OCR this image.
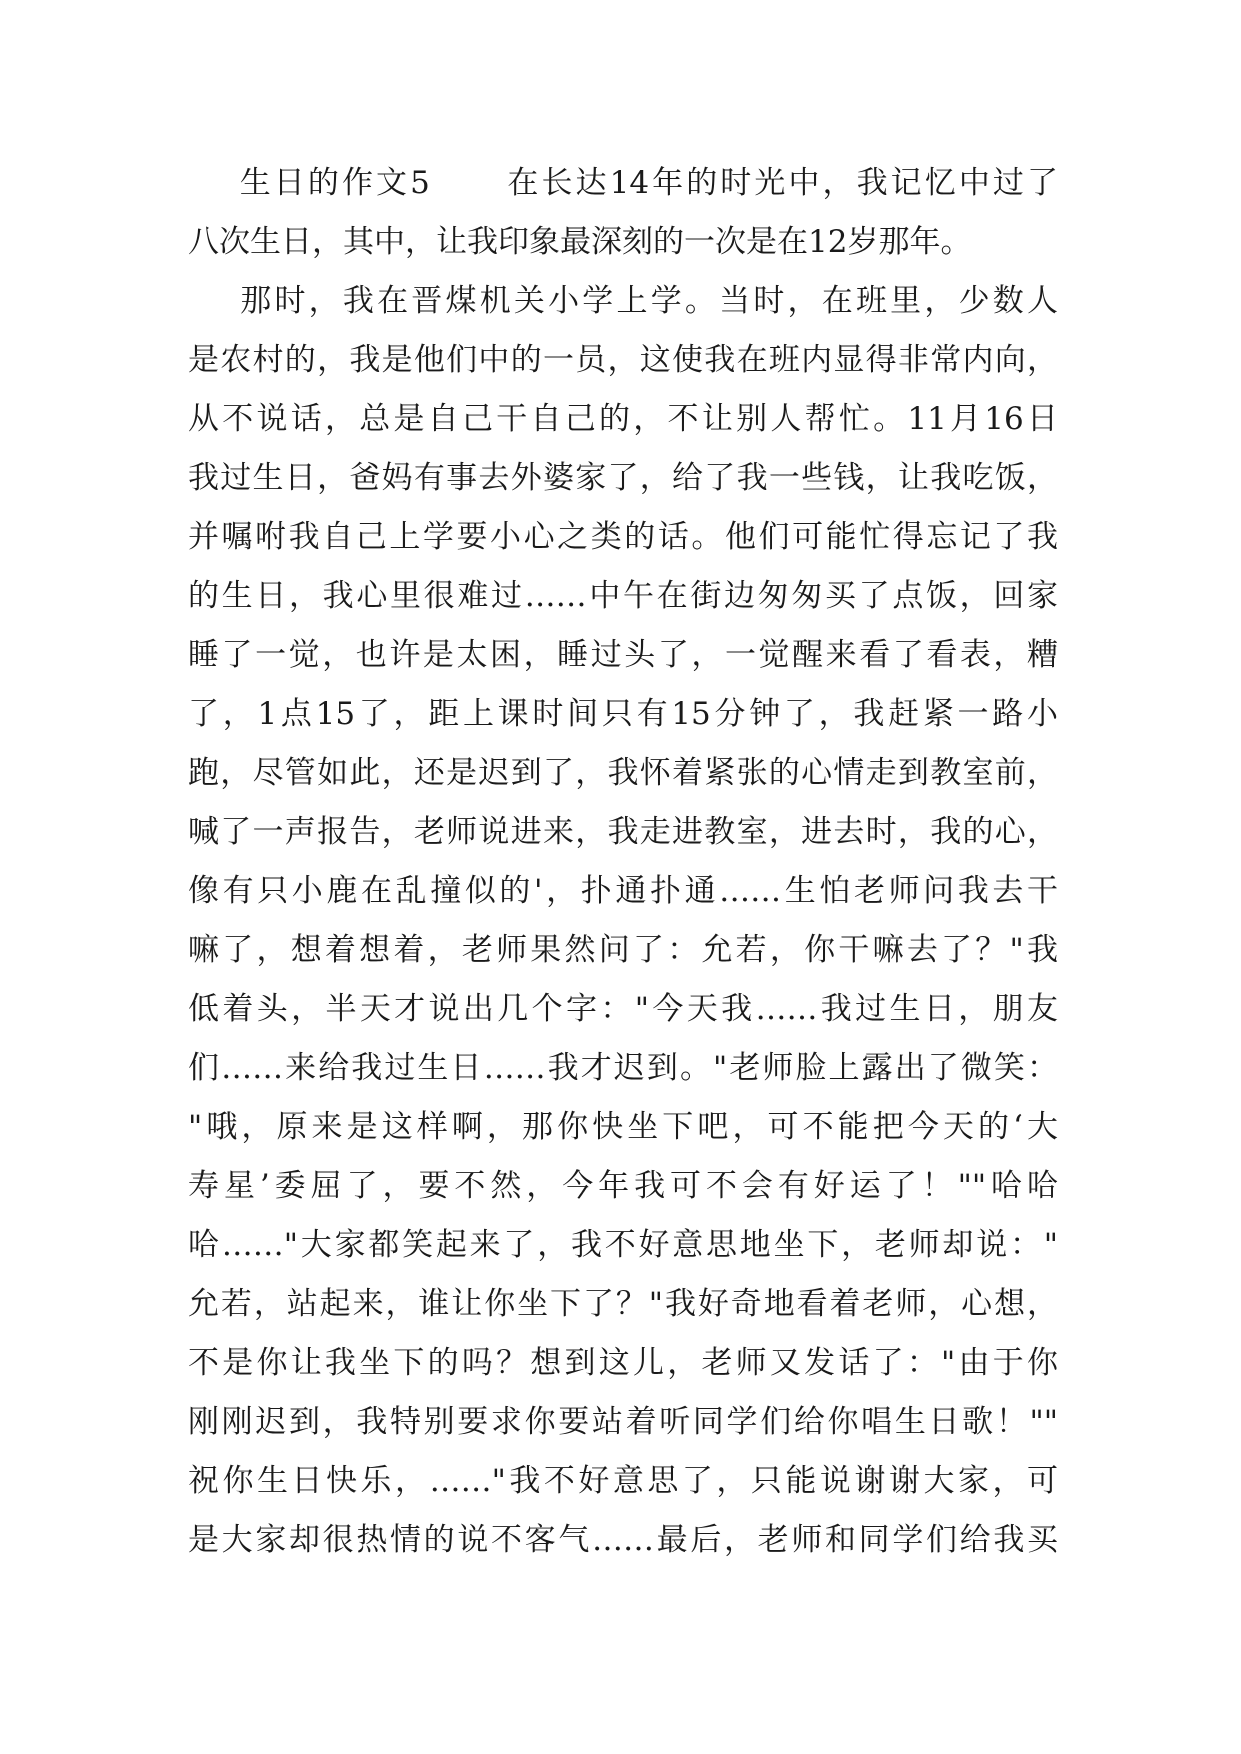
生日的作文5      在长达14年的时光中，我记忆中过了
八次生日，其中，让我印象最深刻的一次是在12岁那年。
那时，我在晋煤机关小学上学。当时，在班里，少数人
是农村的，我是他们中的一员，这使我在班内显得非常内向，
从不说话，总是自己干自己的，不让别人帮忙。11月16日
我过生日，爸妈有事去外婆家了，给了我一些钱，让我吃饭，
并嘱咐我自己上学要小心之类的话。他们可能忙得忘记了我
的生日，我心里很难过……中午在街边匆匆买了点饭，回家
睡了一觉，也许是太困，睡过头了，一觉醒来看了看表，糟
了，1点15了，距上课时间只有15分钟了，我赶紧一路小
跑，尽管如此，还是迟到了，我怀着紧张的心情走到教室前，
喊了一声报告，老师说进来，我走进教室，进去时，我的心，
像有只小鹿在乱撞似的'，扑通扑通……生怕老师问我去干
嘛了，想着想着，老师果然问了：允若，你干嘛去了？"我
低着头，半天才说出几个字："今天我……我过生日，朋友
们……来给我过生日……我才迟到。"老师脸上露出了微笑：
"哦，原来是这样啊，那你快坐下吧，可不能把今天的‘大
寿星’委屈了，要不然，今年我可不会有好运了！""哈哈
哈……"大家都笑起来了，我不好意思地坐下，老师却说："
允若，站起来，谁让你坐下了？"我好奇地看着老师，心想，
不是你让我坐下的吗？想到这儿，老师又发话了："由于你
刚刚迟到，我特别要求你要站着听同学们给你唱生日歌！""
祝你生日快乐，……"我不好意思了，只能说谢谢大家，可
是大家却很热情的说不客气……最后，老师和同学们给我买
